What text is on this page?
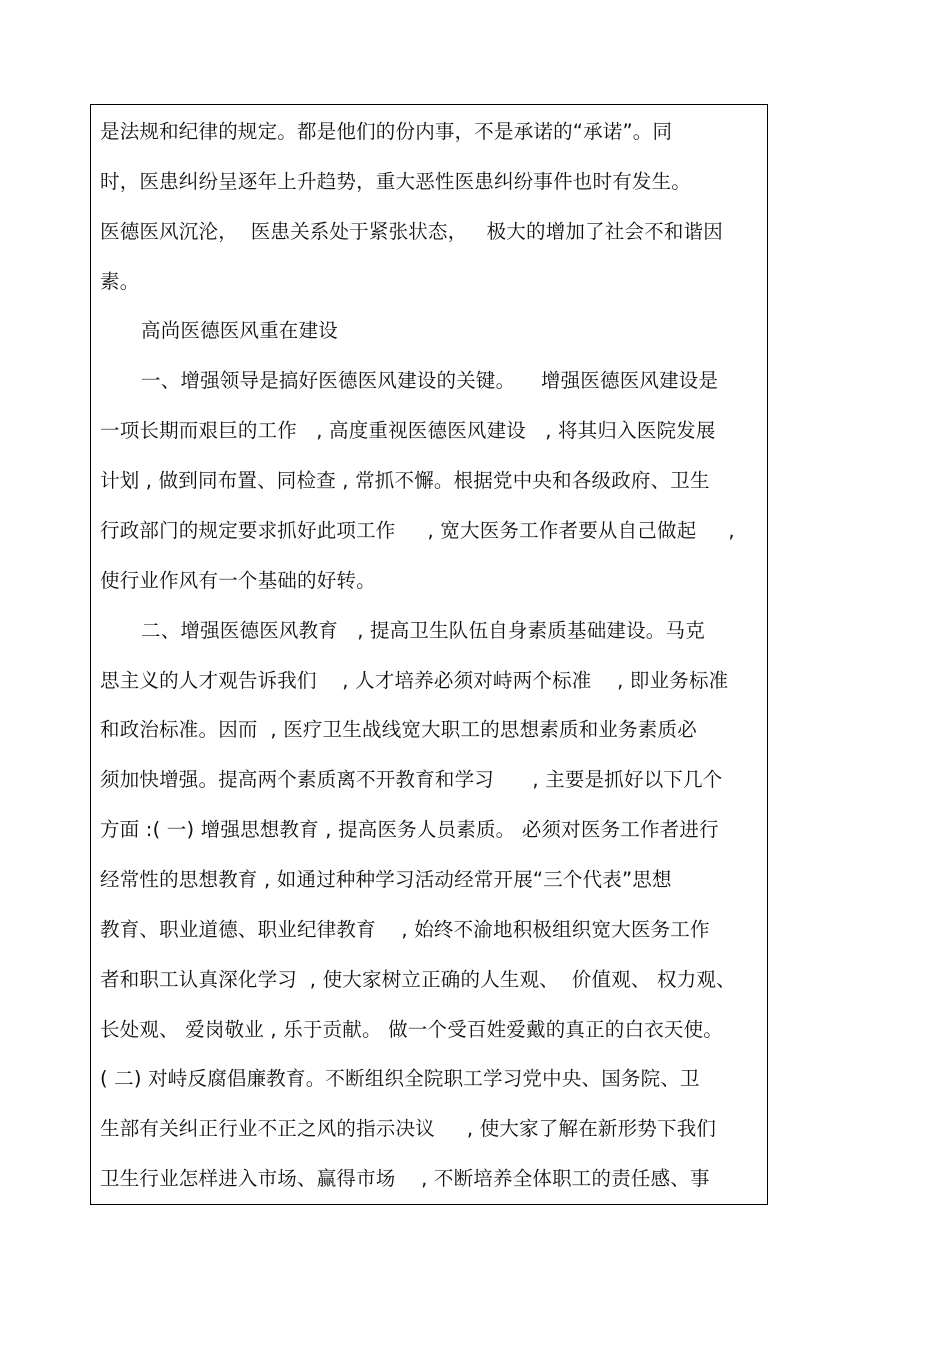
是法规和纪律的规定。都是他们的份内事，不是承诺的“承诺”。同
时，医患纠纷呈逐年上升趋势，重大恶性医患纠纷事件也时有发生。
医德医风沉沦，  医患关系处于紧张状态，   极大的增加了社会不和谐因
素。
高尚医德医风重在建设
一、增强领导是搞好医德医风建设的关键。    增强医德医风建设是
一项长期而艰巨的工作   , 高度重视医德医风建设   , 将其归入医院发展
计划 , 做到同布置、同检查 , 常抓不懈。根据党中央和各级政府、卫生
行政部门的规定要求抓好此项工作     , 宽大医务工作者要从自己做起     ,
使行业作风有一个基础的好转。
二、增强医德医风教育   , 提高卫生队伍自身素质基础建设。马克
思主义的人才观告诉我们    , 人才培养必须对峙两个标准    , 即业务标准
和政治标准。因而  , 医疗卫生战线宽大职工的思想素质和业务素质必
须加快增强。提高两个素质离不开教育和学习      , 主要是抓好以下几个
方面 :( 一) 增强思想教育 , 提高医务人员素质。 必须对医务工作者进行
经常性的思想教育 , 如通过种种学习活动经常开展“三个代表”思想
教育、职业道德、职业纪律教育    , 始终不渝地积极组织宽大医务工作
者和职工认真深化学习  , 使大家树立正确的人生观、  价值观、 权力观、
长处观、 爱岗敬业 , 乐于贡献。 做一个受百姓爱戴的真正的白衣天使。
( 二) 对峙反腐倡廉教育。不断组织全院职工学习党中央、国务院、卫
生部有关纠正行业不正之风的指示决议     , 使大家了解在新形势下我们
卫生行业怎样进入市场、赢得市场    , 不断培养全体职工的责任感、事
